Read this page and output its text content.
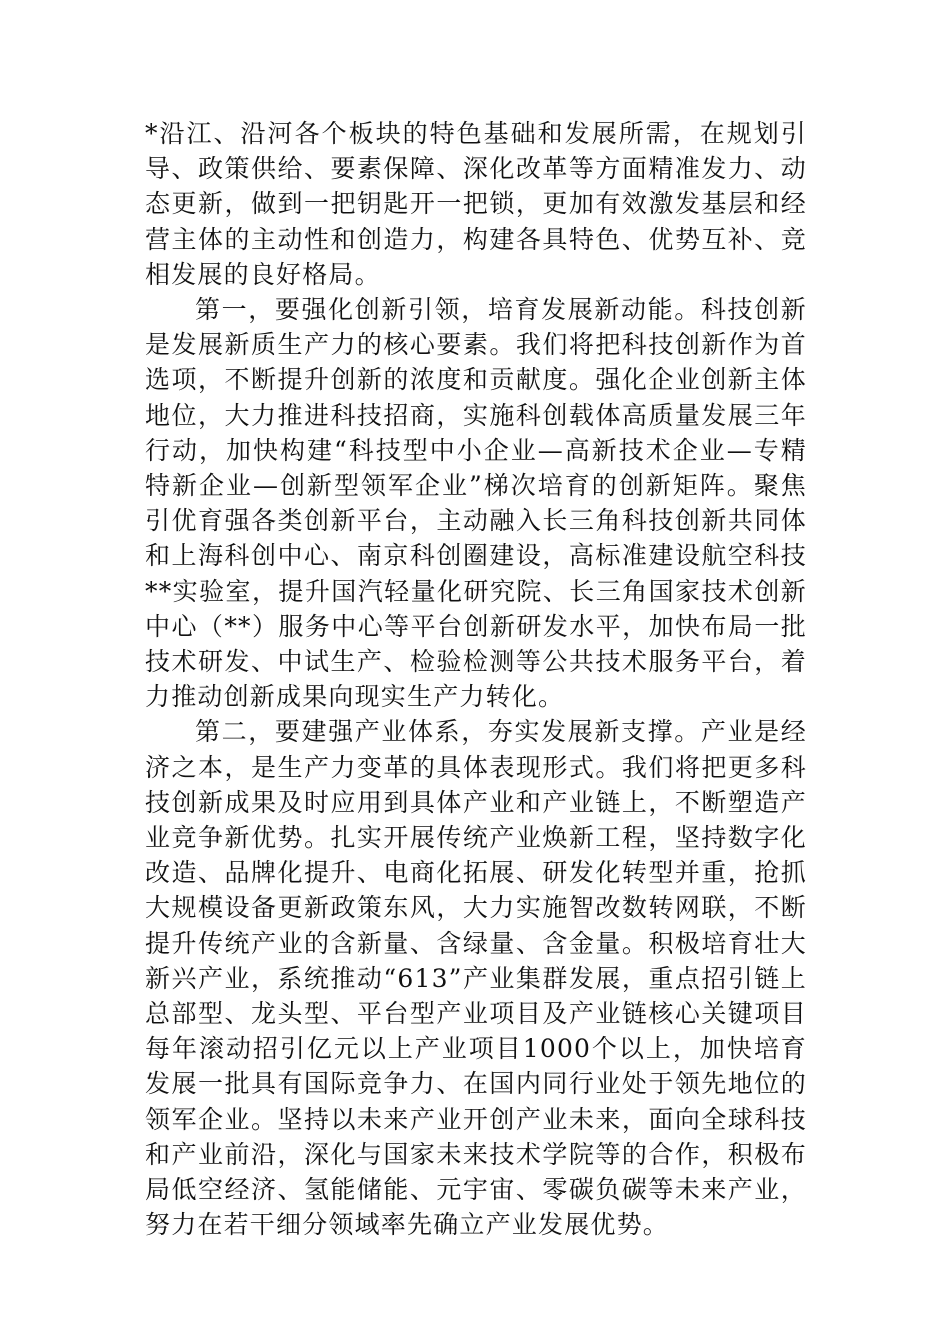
*沿江、沿河各个板块的特色基础和发展所需，在规划引导、政策供给、要素保障、深化改革等方面精准发力、动态更新，做到一把钥匙开一把锁，更加有效激发基层和经营主体的主动性和创造力，构建各具特色、优势互补、竞相发展的良好格局。

第一，要强化创新引领，培育发展新动能。科技创新是发展新质生产力的核心要素。我们将把科技创新作为首选项，不断提升创新的浓度和贡献度。强化企业创新主体地位，大力推进科技招商，实施科创载体高质量发展三年行动，加快构建“科技型中小企业—高新技术企业—专精特新企业—创新型领军企业”梯次培育的创新矩阵。聚焦引优育强各类创新平台，主动融入长三角科技创新共同体和上海科创中心、南京科创圈建设，高标准建设航空科技**实验室，提升国汽轻量化研究院、长三角国家技术创新中心（**）服务中心等平台创新研发水平，加快布局一批技术研发、中试生产、检验检测等公共技术服务平台，着力推动创新成果向现实生产力转化。

第二，要建强产业体系，夯实发展新支撑。产业是经济之本，是生产力变革的具体表现形式。我们将把更多科技创新成果及时应用到具体产业和产业链上，不断塑造产业竞争新优势。扎实开展传统产业焕新工程，坚持数字化改造、品牌化提升、电商化拓展、研发化转型并重，抢抓大规模设备更新政策东风，大力实施智改数转网联，不断提升传统产业的含新量、含绿量、含金量。积极培育壮大新兴产业，系统推动“613”产业集群发展，重点招引链上总部型、龙头型、平台型产业项目及产业链核心关键项目每年滚动招引亿元以上产业项目1000个以上，加快培育发展一批具有国际竞争力、在国内同行业处于领先地位的领军企业。坚持以未来产业开创产业未来，面向全球科技和产业前沿，深化与国家未来技术学院等的合作，积极布局低空经济、氢能储能、元宇宙、零碳负碳等未来产业，努力在若干细分领域率先确立产业发展优势。
